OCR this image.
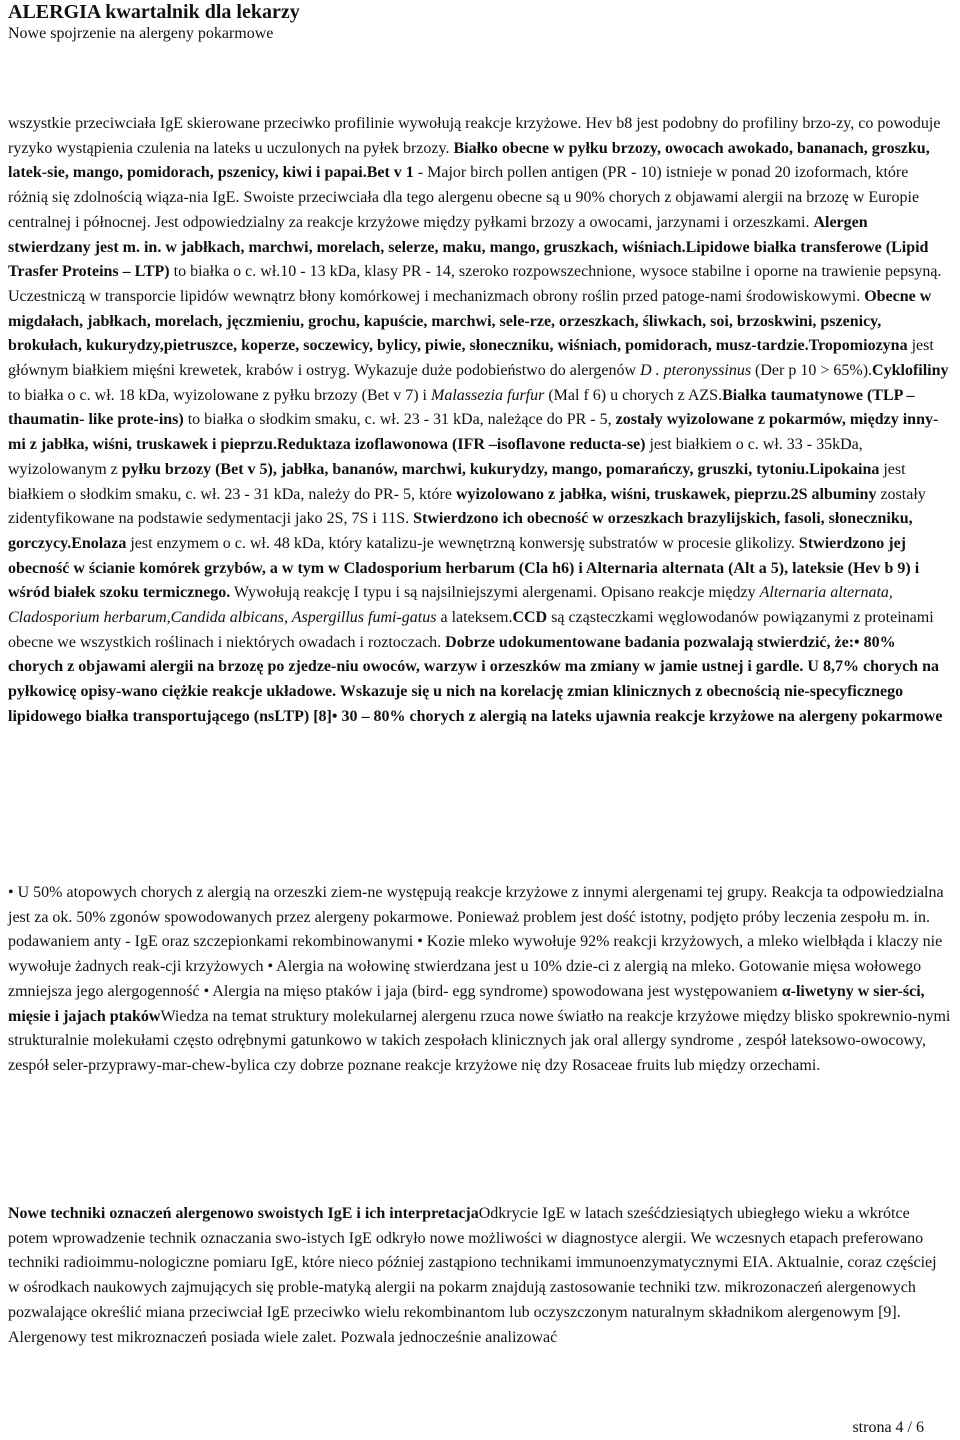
ALERGIA kwartalnik dla lekarzy
Nowe spojrzenie na alergeny pokarmowe

wszystkie przeciwciała IgE skierowane przeciwko profilinie wywołują reakcje krzyżowe. Hev b8 jest podobny do profiliny brzo-zy, co powoduje ryzyko wystąpienia czulenia na lateks u uczulonych na pyłek brzozy. Białko obecne w pyłku brzozy, owocach awokado, bananach, groszku, latek-sie, mango, pomidorach, pszenicy, kiwi i papai.Bet v 1 - Major birch pollen antigen (PR - 10) istnieje w ponad 20 izoformach, które różnią się zdolnością wiąza-nia IgE. Swoiste przeciwciała dla tego alergenu obecne są u 90% chorych z objawami alergii na brzozę w Europie centralnej i północnej. Jest odpowiedzialny za reakcje krzyżowe między pyłkami brzozy a owocami, jarzynami i orzeszkami. Alergen stwierdzany jest m. in. w jabłkach, marchwi, morelach, selerze, maku, mango, gruszkach, wiśniach.Lipidowe białka transferowe (Lipid Trasfer Proteins – LTP) to białka o c. wł.10 - 13 kDa, klasy PR - 14, szeroko rozpowszechnione, wysoce stabilne i oporne na trawienie pepsyną. Uczestniczą w transporcie lipidów wewnątrz błony komórkowej i mechanizmach obrony roślin przed patoge-nami środowiskowymi. Obecne w migdałach, jabłkach, morelach, jęczmieniu, grochu, kapuście, marchwi, sele-rze, orzeszkach, śliwkach, soi, brzoskwini, pszenicy, brokułach, kukurydzy,pietruszce, koperze, soczewicy, bylicy, piwie, słoneczniku, wiśniach, pomidorach, musz-tardzie.Tropomiozyna jest głównym białkiem mięśni krewetek, krabów i ostryg. Wykazuje duże podobieństwo do alergenów D . pteronyssinus (Der p 10 > 65%).Cyklofiliny to białka o c. wł. 18 kDa, wyizolowane z pyłku brzozy (Bet v 7) i Malassezia furfur (Mal f 6) u chorych z AZS.Białka taumatynowe (TLP – thaumatin- like prote-ins) to białka o słodkim smaku, c. wł. 23 - 31 kDa, należące do PR - 5, zostały wyizolowane z pokarmów, między inny-mi z jabłka, wiśni, truskawek i pieprzu.Reduktaza izoflawonowa (IFR –isoflavone reducta-se) jest białkiem o c. wł. 33 - 35kDa, wyizolowanym z pyłku brzozy (Bet v 5), jabłka, bananów, marchwi, kukurydzy, mango, pomarańczy, gruszki, tytoniu.Lipokaina jest białkiem o słodkim smaku, c. wł. 23 - 31 kDa, należy do PR- 5, które wyizolowano z jabłka, wiśni, truskawek, pieprzu.2S albuminy zostały zidentyfikowane na podstawie sedymentacji jako 2S, 7S i 11S. Stwierdzono ich obecność w orzeszkach brazylijskich, fasoli, słoneczniku, gorczycy.Enolaza jest enzymem o c. wł. 48 kDa, który katalizu-je wewnętrzną konwersję substratów w procesie glikolizy. Stwierdzono jej obecność w ścianie komórek grzybów, a w tym w Cladosporium herbarum (Cla h6) i Alternaria alternata (Alt a 5), lateksie (Hev b 9) i wśród białek szoku termicznego. Wywołują reakcję I typu i są najsilniejszymi alergenami. Opisano reakcje między Alternaria alternata, Cladosporium herbarum,Candida albicans, Aspergillus fumi-gatus a lateksem.CCD są cząsteczkami węglowodanów powiązanymi z proteinami obecne we wszystkich roślinach i niektórych owadach i roztoczach. Dobrze udokumentowane badania pozwalają stwierdzić, że:• 80% chorych z objawami alergii na brzozę po zjedze-niu owoców, warzyw i orzeszków ma zmiany w jamie ustnej i gardle. U 8,7% chorych na pyłkowicę opisy-wano ciężkie reakcje układowe. Wskazuje się u nich na korelację zmian klinicznych z obecnością nie-specyficznego lipidowego białka transportującego (nsLTP) [8]• 30 – 80% chorych z alergią na lateks ujawnia reakcje krzyżowe na alergeny pokarmowe

• U 50% atopowych chorych z alergią na orzeszki ziem-ne występują reakcje krzyżowe z innymi alergenami tej grupy. Reakcja ta odpowiedzialna jest za ok. 50% zgonów spowodowanych przez alergeny pokarmowe. Ponieważ problem jest dość istotny, podjęto próby leczenia zespołu m. in. podawaniem anty - IgE oraz szczepionkami rekombinowanymi • Kozie mleko wywołuje 92% reakcji krzyżowych, a mleko wielbłąda i klaczy nie wywołuje żadnych reak-cji krzyżowych • Alergia na wołowinę stwierdzana jest u 10% dzie-ci z alergią na mleko. Gotowanie mięsa wołowego zmniejsza jego alergogenność • Alergia na mięso ptaków i jaja (bird- egg syndrome) spowodowana jest występowaniem α-liwetyny w sier-ści, mięsie i jajach ptakówWiedza na temat struktury molekularnej alergenu rzuca nowe światło na reakcje krzyżowe między blisko spokrewnio-nymi strukturalnie molekułami często odrębnymi gatunkowo w takich zespołach klinicznych jak oral allergy syndrome , zespół lateksowo-owocowy, zespół seler-przyprawy-mar-chew-bylica czy dobrze poznane reakcje krzyżowe nię dzy Rosaceae fruits lub między orzechami.

Nowe techniki oznaczeń alergenowo swoistych IgE i ich interpretacjaOdkrycie IgE w latach sześćdziesiątych ubiegłego wieku a wkrótce potem wprowadzenie technik oznaczania swo-istych IgE odkryło nowe możliwości w diagnostyce alergii. We wczesnych etapach preferowano techniki radioimmu-nologiczne pomiaru IgE, które nieco później zastąpiono technikami immunoenzymatycznymi EIA. Aktualnie, coraz częściej w ośrodkach naukowych zajmujących się proble-matyką alergii na pokarm znajdują zastosowanie techniki tzw. mikrozonaczeń alergenowych pozwalające określić miana przeciwciał IgE przeciwko wielu rekombinantom lub oczyszczonym naturalnym składnikom alergenowym [9]. Alergenowy test mikroznaczeń posiada wiele zalet. Pozwala jednocześnie analizować

strona 4 / 6
